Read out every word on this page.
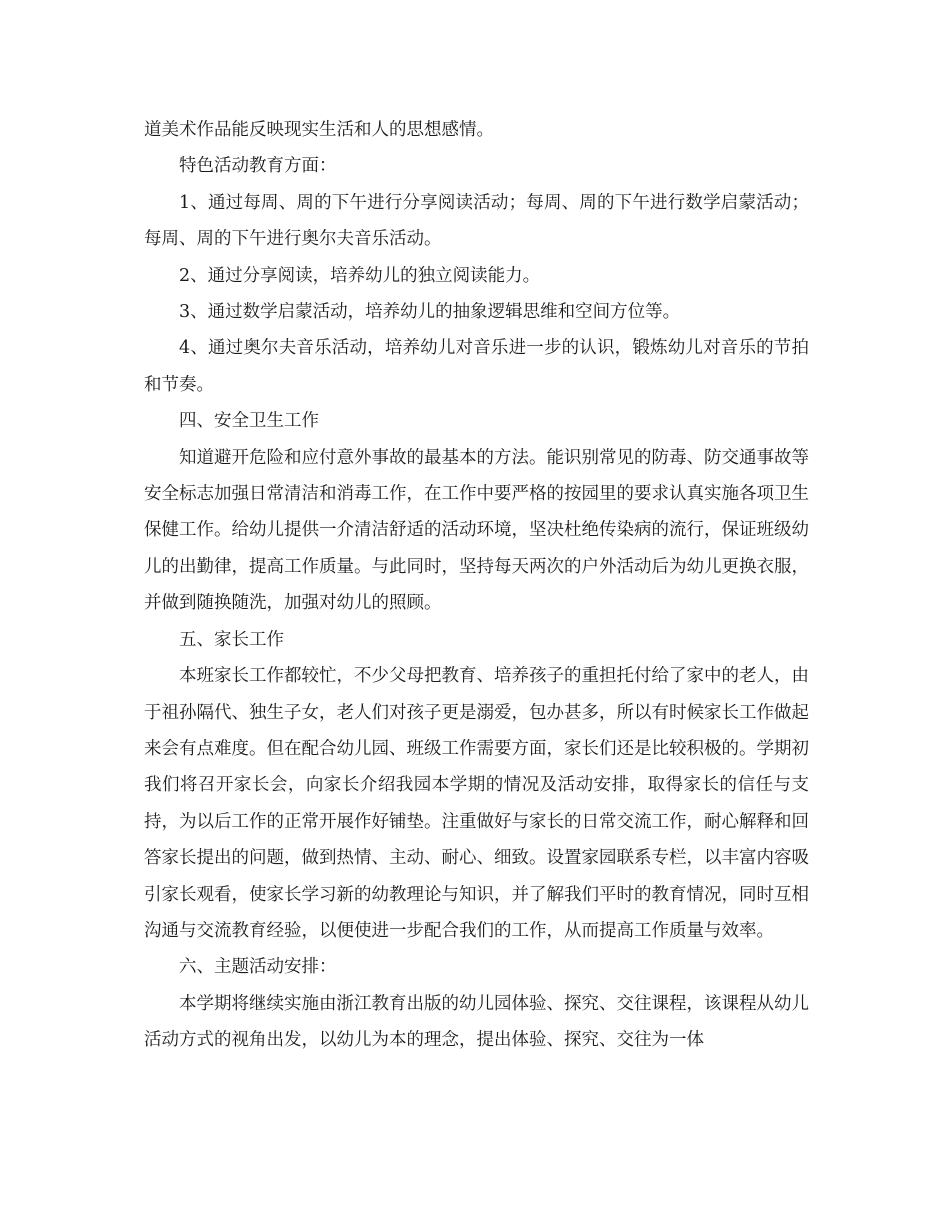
道美术作品能反映现实生活和人的思想感情。

特色活动教育方面：

1、通过每周、周的下午进行分享阅读活动；每周、周的下午进行数学启蒙活动；每周、周的下午进行奥尔夫音乐活动。

2、通过分享阅读，培养幼儿的独立阅读能力。

3、通过数学启蒙活动，培养幼儿的抽象逻辑思维和空间方位等。

4、通过奥尔夫音乐活动，培养幼儿对音乐进一步的认识，锻炼幼儿对音乐的节拍和节奏。

四、安全卫生工作

知道避开危险和应付意外事故的最基本的方法。能识别常见的防毒、防交通事故等安全标志加强日常清洁和消毒工作，在工作中要严格的按园里的要求认真实施各项卫生保健工作。给幼儿提供一介清洁舒适的活动环境，坚决杜绝传染病的流行，保证班级幼儿的出勤律，提高工作质量。与此同时，坚持每天两次的户外活动后为幼儿更换衣服，并做到随换随洗，加强对幼儿的照顾。

五、家长工作

本班家长工作都较忙，不少父母把教育、培养孩子的重担托付给了家中的老人，由于祖孙隔代、独生子女，老人们对孩子更是溺爱，包办甚多，所以有时候家长工作做起来会有点难度。但在配合幼儿园、班级工作需要方面，家长们还是比较积极的。学期初我们将召开家长会，向家长介绍我园本学期的情况及活动安排，取得家长的信任与支持，为以后工作的正常开展作好铺垫。注重做好与家长的日常交流工作，耐心解释和回答家长提出的问题，做到热情、主动、耐心、细致。设置家园联系专栏，以丰富内容吸引家长观看，使家长学习新的幼教理论与知识，并了解我们平时的教育情况，同时互相沟通与交流教育经验，以便使进一步配合我们的工作，从而提高工作质量与效率。

六、主题活动安排：

本学期将继续实施由浙江教育出版的幼儿园体验、探究、交往课程，该课程从幼儿活动方式的视角出发，以幼儿为本的理念，提出体验、探究、交往为一体
